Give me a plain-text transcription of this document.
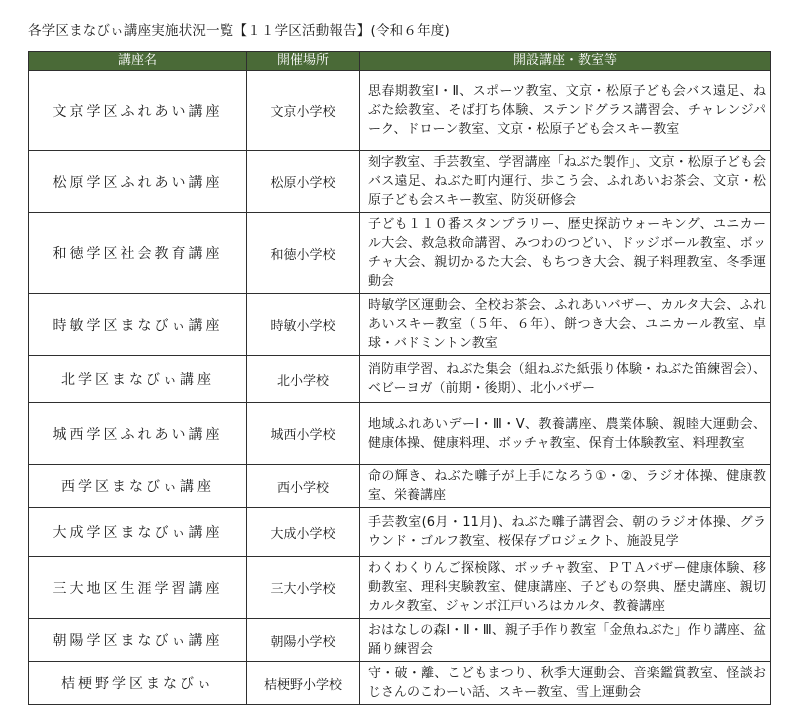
各学区まなびぃ講座実施状況一覧【１１学区活動報告】(令和６年度)
講座名	開催場所	開設講座・教室等
文京学区ふれあい講座	文京小学校	思春期教室Ⅰ・Ⅱ、スポーツ教室、文京・松原子ども会バス遠足、ねぶた絵教室、そば打ち体験、ステンドグラス講習会、チャレンジパーク、ドローン教室、文京・松原子ども会スキー教室

松原学区ふれあい講座	松原小学校	刻字教室、手芸教室、学習講座「ねぶた製作」、文京・松原子ども会バス遠足、ねぶた町内運行、歩こう会、ふれあいお茶会、文京・松原子ども会スキー教室、防災研修会

和徳学区社会教育講座	和徳小学校	子ども１１０番スタンプラリー、歴史探訪ウォーキング、ユニカール大会、救急救命講習、みつわのつどい、ドッジボール教室、ボッチャ大会、親切かるた大会、もちつき大会、親子料理教室、冬季運動会

時敏学区まなびぃ講座	時敏小学校	時敏学区運動会、全校お茶会、ふれあいバザー、カルタ大会、ふれあいスキー教室（５年、６年）、餅つき大会、ユニカール教室、卓球・バドミントン教室

北学区まなびぃ講座	北小学校	消防車学習、ねぶた集会（組ねぶた紙張り体験・ねぶた笛練習会）、ベビーヨガ（前期・後期）、北小バザー

城西学区ふれあい講座	城西小学校	地域ふれあいデーⅠ・Ⅲ・Ⅴ、教養講座、農業体験、親睦大運動会、健康体操、健康料理、ボッチャ教室、保育士体験教室、料理教室

西学区まなびぃ講座	西小学校	命の輝き、ねぶた囃子が上手になろう①・②、ラジオ体操、健康教室、栄養講座

大成学区まなびぃ講座	大成小学校	手芸教室(6月・11月)、ねぶた囃子講習会、朝のラジオ体操、グラウンド・ゴルフ教室、桜保存プロジェクト、施設見学

三大地区生涯学習講座	三大小学校	わくわくりんご探検隊、ボッチャ教室、ＰＴＡバザー健康体験、移動教室、理科実験教室、健康講座、子どもの祭典、歴史講座、親切カルタ教室、ジャンボ江戸いろはカルタ、教養講座

朝陽学区まなびぃ講座	朝陽小学校	おはなしの森Ⅰ・Ⅱ・Ⅲ、親子手作り教室「金魚ねぶた」作り講座、盆踊り練習会

桔梗野学区まなびぃ	桔梗野小学校	守・破・離、こどもまつり、秋季大運動会、音楽鑑賞教室、怪談おじさんのこわーい話、スキー教室、雪上運動会
